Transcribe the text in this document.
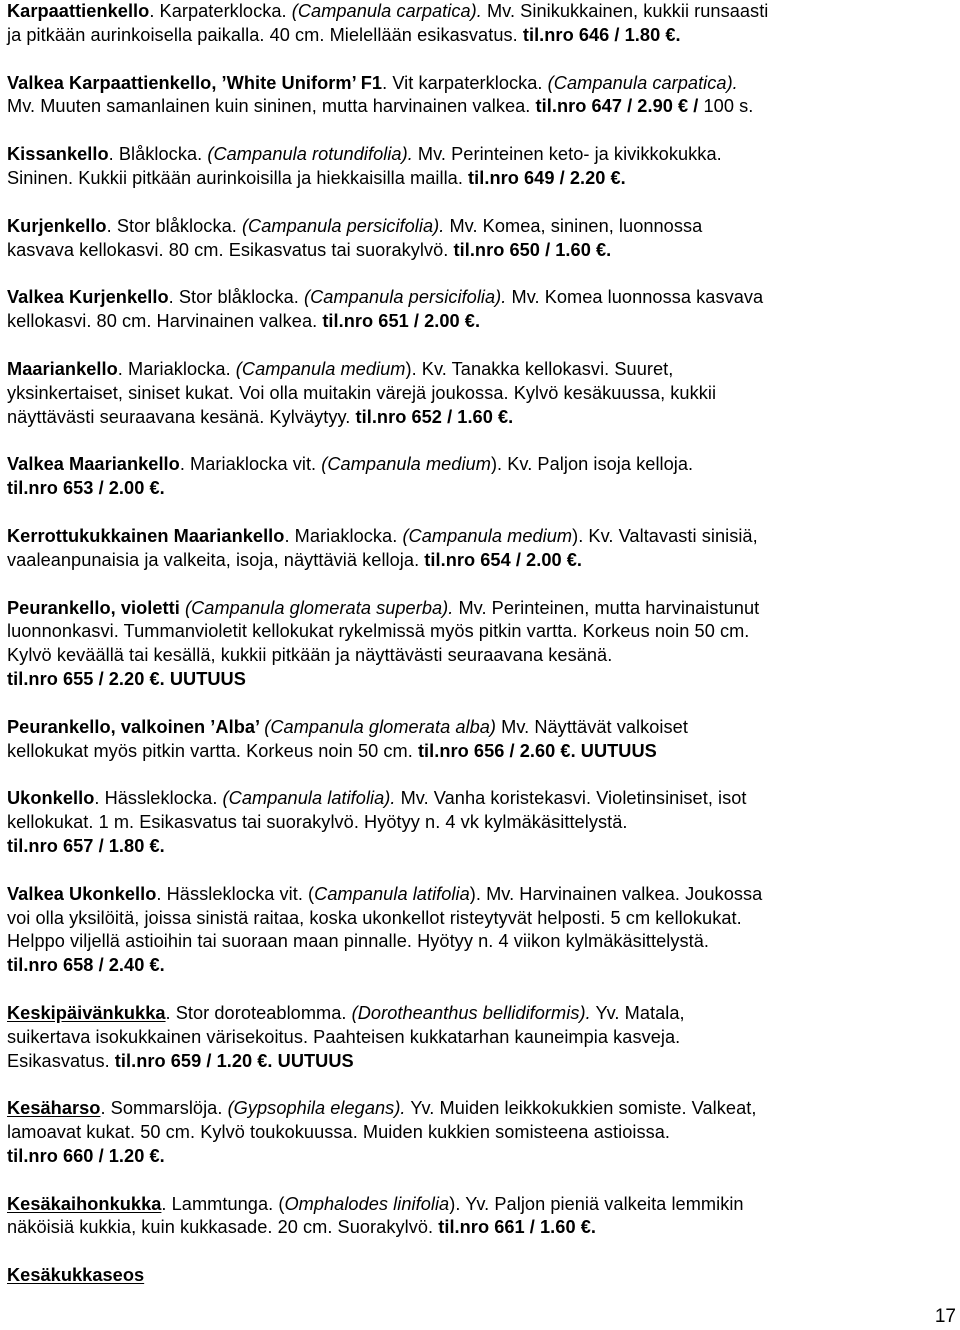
Karpaattienkello. Karpaterklocka. (Campanula carpatica). Mv. Sinikukkainen, kukkii runsaasti
ja pitkään aurinkoisella paikalla. 40 cm. Mielellään esikasvatus. til.nro 646 / 1.80 €.

Valkea Karpaattienkello, ’White Uniform’ F1. Vit karpaterklocka. (Campanula carpatica).
Mv. Muuten samanlainen kuin sininen, mutta harvinainen valkea. til.nro 647 / 2.90 € / 100 s.

Kissankello. Blåklocka. (Campanula rotundifolia). Mv. Perinteinen keto- ja kivikkokukka.
Sininen. Kukkii pitkään aurinkoisilla ja hiekkaisilla mailla. til.nro 649 / 2.20 €.

Kurjenkello. Stor blåklocka. (Campanula persicifolia). Mv. Komea, sininen, luonnossa
kasvava kellokasvi. 80 cm. Esikasvatus tai suorakylvö. til.nro 650 / 1.60 €.

Valkea Kurjenkello. Stor blåklocka. (Campanula persicifolia). Mv. Komea luonnossa kasvava
kellokasvi. 80 cm. Harvinainen valkea. til.nro 651 / 2.00 €.

Maariankello. Mariaklocka. (Campanula medium). Kv. Tanakka kellokasvi. Suuret,
yksinkertaiset, siniset kukat. Voi olla muitakin värejä joukossa. Kylvö kesäkuussa, kukkii
näyttävästi seuraavana kesänä. Kylväytyy. til.nro 652 / 1.60 €.

Valkea Maariankello. Mariaklocka vit. (Campanula medium). Kv. Paljon isoja kelloja.
til.nro 653 / 2.00 €.

Kerrottukukkainen Maariankello. Mariaklocka. (Campanula medium). Kv. Valtavasti sinisiä,
vaaleanpunaisia ja valkeita, isoja, näyttäviä kelloja. til.nro 654 / 2.00 €.

Peurankello, violetti (Campanula glomerata superba). Mv. Perinteinen, mutta harvinaistunut
luonnonkasvi. Tummanvioletit kellokukat rykelmissä myös pitkin vartta. Korkeus noin 50 cm.
Kylvö keväällä tai kesällä, kukkii pitkään ja näyttävästi seuraavana kesänä.
til.nro 655 / 2.20 €. UUTUUS

Peurankello, valkoinen ’Alba’ (Campanula glomerata alba) Mv. Näyttävät valkoiset
kellokukat myös pitkin vartta. Korkeus noin 50 cm. til.nro 656 / 2.60 €. UUTUUS

Ukonkello. Hässleklocka. (Campanula latifolia). Mv. Vanha koristekasvi. Violetinsiniset, isot
kellokukat. 1 m. Esikasvatus tai suorakylvö. Hyötyy n. 4 vk kylmäkäsittelystä.
til.nro 657 / 1.80 €.

Valkea Ukonkello. Hässleklocka vit. (Campanula latifolia). Mv. Harvinainen valkea. Joukossa
voi olla yksilöitä, joissa sinistä raitaa, koska ukonkellot risteytyvät helposti. 5 cm kellokukat.
Helppo viljellä astioihin tai suoraan maan pinnalle. Hyötyy n. 4 viikon kylmäkäsittelystä.
til.nro 658 / 2.40 €.

Keskipäivänkukka. Stor doroteablomma. (Dorotheanthus bellidiformis). Yv. Matala,
suikertava isokukkainen värisekoitus. Paahteisen kukkatarhan kauneimpia kasveja.
Esikasvatus. til.nro 659 / 1.20 €. UUTUUS

Kesäharso. Sommarslöja. (Gypsophila elegans). Yv. Muiden leikkokukkien somiste. Valkeat,
lamoavat kukat. 50 cm. Kylvö toukokuussa. Muiden kukkien somisteena astioissa.
til.nro 660 / 1.20 €.

Kesäkaihonkukka. Lammtunga. (Omphalodes linifolia). Yv. Paljon pieniä valkeita lemmikin
näköisiä kukkia, kuin kukkasade. 20 cm. Suorakylvö. til.nro 661 / 1.60 €.

Kesäkukkaseos

17
